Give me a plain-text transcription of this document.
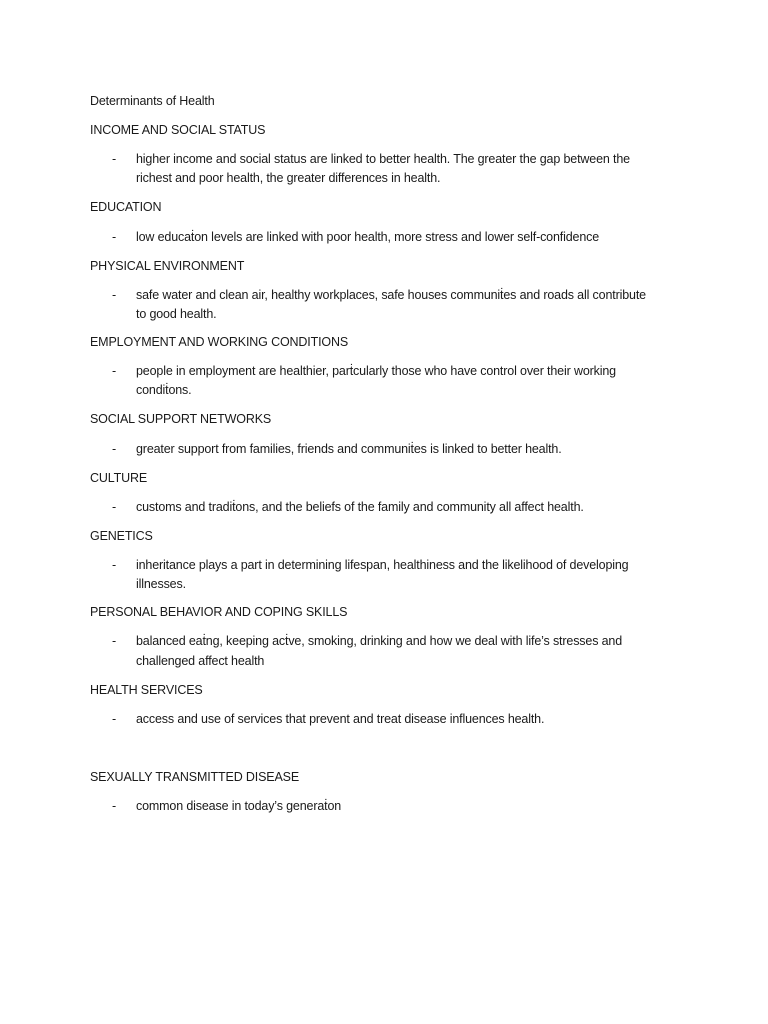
Determinants of Health
INCOME AND SOCIAL STATUS
- higher income and social status are linked to better health. The greater the gap between the
richest and poor health, the greater differences in health.
EDUCATION
- low educaṫon levels are linked with poor health, more stress and lower self-confidence
PHYSICAL ENVIRONMENT
- safe water and clean air, healthy workplaces, safe houses communiṫes and roads all contribute
to good health.
EMPLOYMENT AND WORKING CONDITIONS
- people in employment are healthier, parṫcularly those who have control over their working
condiṫons.
SOCIAL SUPPORT NETWORKS
- greater support from families, friends and communiṫes is linked to better health.
CULTURE
- customs and tradiṫons, and the beliefs of the family and community all affect health.
GENETICS
- inheritance plays a part in determining lifespan, healthiness and the likelihood of developing
illnesses.
PERSONAL BEHAVIOR AND COPING SKILLS
- balanced eaṫng, keeping acṫve, smoking, drinking and how we deal with life’s stresses and
challenged affect health
HEALTH SERVICES
- access and use of services that prevent and treat disease influences health.
SEXUALLY TRANSMITTED DISEASE
- common disease in today’s generaṫon
